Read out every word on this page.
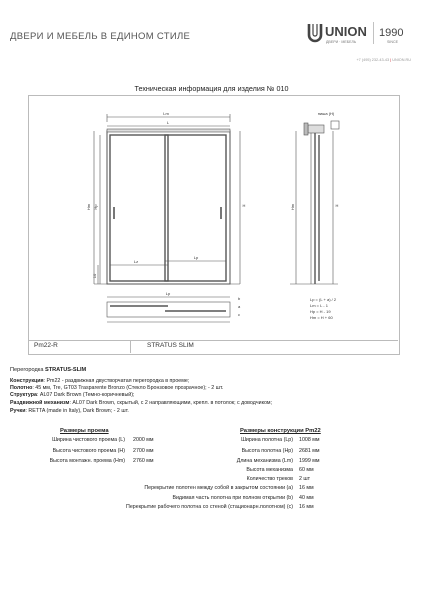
ДВЕРИ И МЕБЕЛЬ В ЕДИНОМ СТИЛЕ	UNION
ДВЕРИ · МЕБЕЛЬ
1990
SINCE
+7 (495) 232-43-43 | UNION.RU
Техническая информация для изделия № 010
Pm22-R	STRATUS SLIM
Lm
L
Lz
Lp
Lp
Hm Hp
10
H	Hm	H
b
a
c
ниша (H)
Lp = (L + a) / 2
Lm = L - 1
Hp = H - 19
Hm = H + 60
Перегородка STRATUS-SLIM
Конструкция: Pm22 - раздвижная двустворчатая перегородка в проеме;
Полотно: 45 мм, Tre, GT03 Trasparente Bronzo (Стекло Бронзовое прозрачное); - 2 шт.
Структура: AL07 Dark Brown (Темно-коричневый);
Раздвижной механизм: AL07 Dark Brown, скрытый, с 2 направляющими, крепл. в потолок; с доводчиком;
Ручки: RETTA (made in Italy), Dark Brown; - 2 шт.
Размеры проема	Размеры конструкции Pm22
Ширина чистового проема (L) 2000 мм
Высота чистового проема (H) 2700 мм
Высота монтажн. проема (Hm) 2760 мм
Ширина полотна (Lp) 1008 мм
Высота полотна (Hp) 2681 мм
Длина механизма (Lm) 1999 мм
Высота механизма 60 мм
Количество треков 2 шт
Перекрытие полотен между собой в закрытом состоянии (a) 16 мм
Видимая часть полотна при полном открытии (b) 40 мм
Перекрытие рабочего полотна со стеной (стационарн.полотном) (c) 16 мм
